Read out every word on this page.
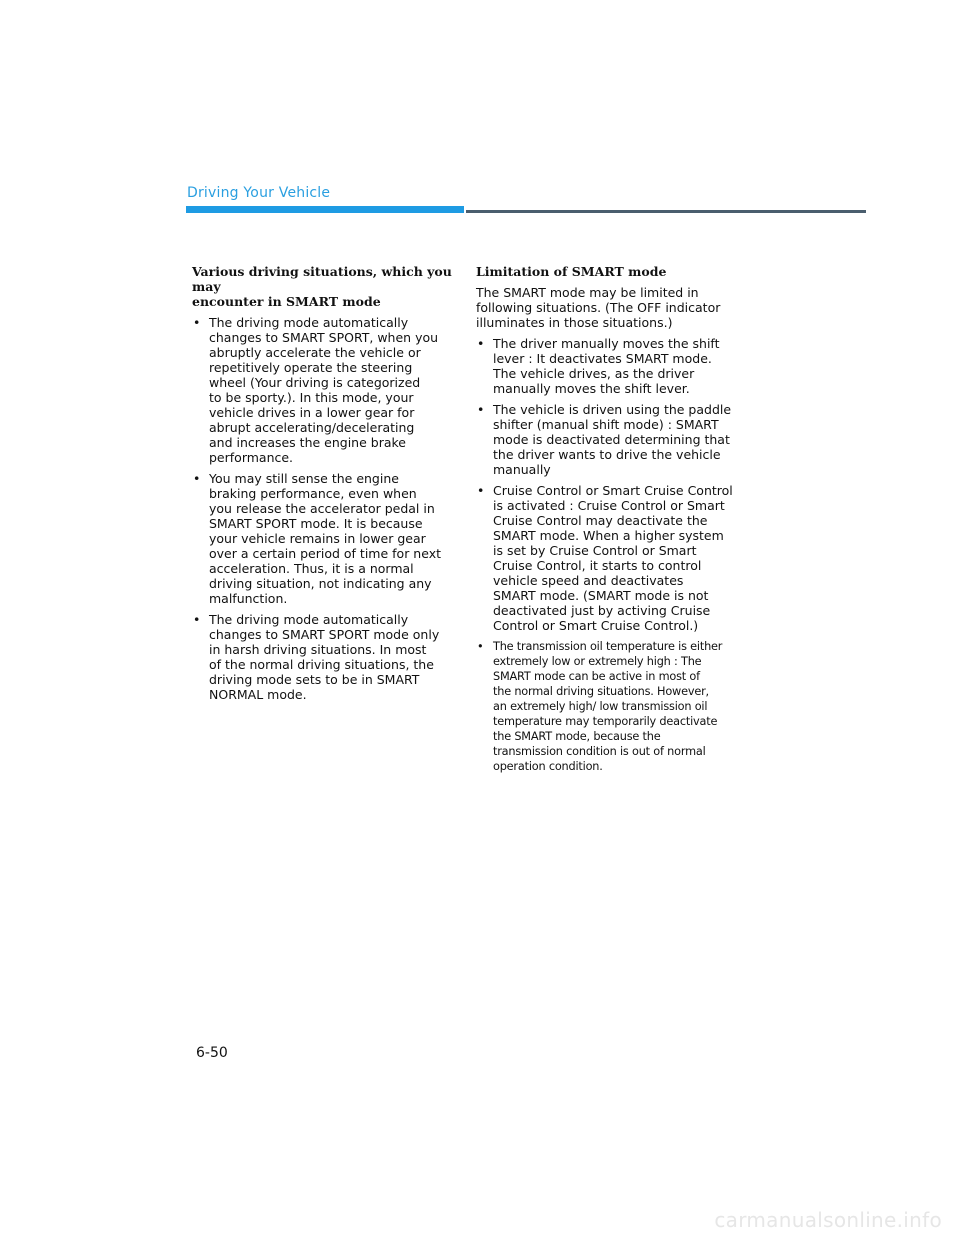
Driving Your Vehicle
Various driving situations, which you may
encounter in SMART mode
• The driving mode automatically
changes to SMART SPORT, when you
abruptly accelerate the vehicle or
repetitively operate the steering
wheel (Your driving is categorized
to be sporty.). In this mode, your
vehicle drives in a lower gear for
abrupt accelerating/decelerating
and increases the engine brake
performance.
• You may still sense the engine
braking performance, even when
you release the accelerator pedal in
SMART SPORT mode. It is because
your vehicle remains in lower gear
over a certain period of time for next
acceleration. Thus, it is a normal
driving situation, not indicating any
malfunction.
• The driving mode automatically
changes to SMART SPORT mode only
in harsh driving situations. In most
of the normal driving situations, the
driving mode sets to be in SMART
NORMAL mode.
Limitation of SMART mode
The SMART mode may be limited in
following situations. (The OFF indicator
illuminates in those situations.)
• The driver manually moves the shift
lever : It deactivates SMART mode.
The vehicle drives, as the driver
manually moves the shift lever.
• The vehicle is driven using the paddle
shifter (manual shift mode) : SMART
mode is deactivated determining that
the driver wants to drive the vehicle
manually
• Cruise Control or Smart Cruise Control
is activated : Cruise Control or Smart
Cruise Control may deactivate the
SMART mode. When a higher system
is set by Cruise Control or Smart
Cruise Control, it starts to control
vehicle speed and deactivates
SMART mode. (SMART mode is not
deactivated just by activing Cruise
Control or Smart Cruise Control.)
• The transmission oil temperature is either
extremely low or extremely high : The
SMART mode can be active in most of
the normal driving situations. However,
an extremely high/ low transmission oil
temperature may temporarily deactivate
the SMART mode, because the
transmission condition is out of normal
operation condition.
6-50
carmanualsonline.info
